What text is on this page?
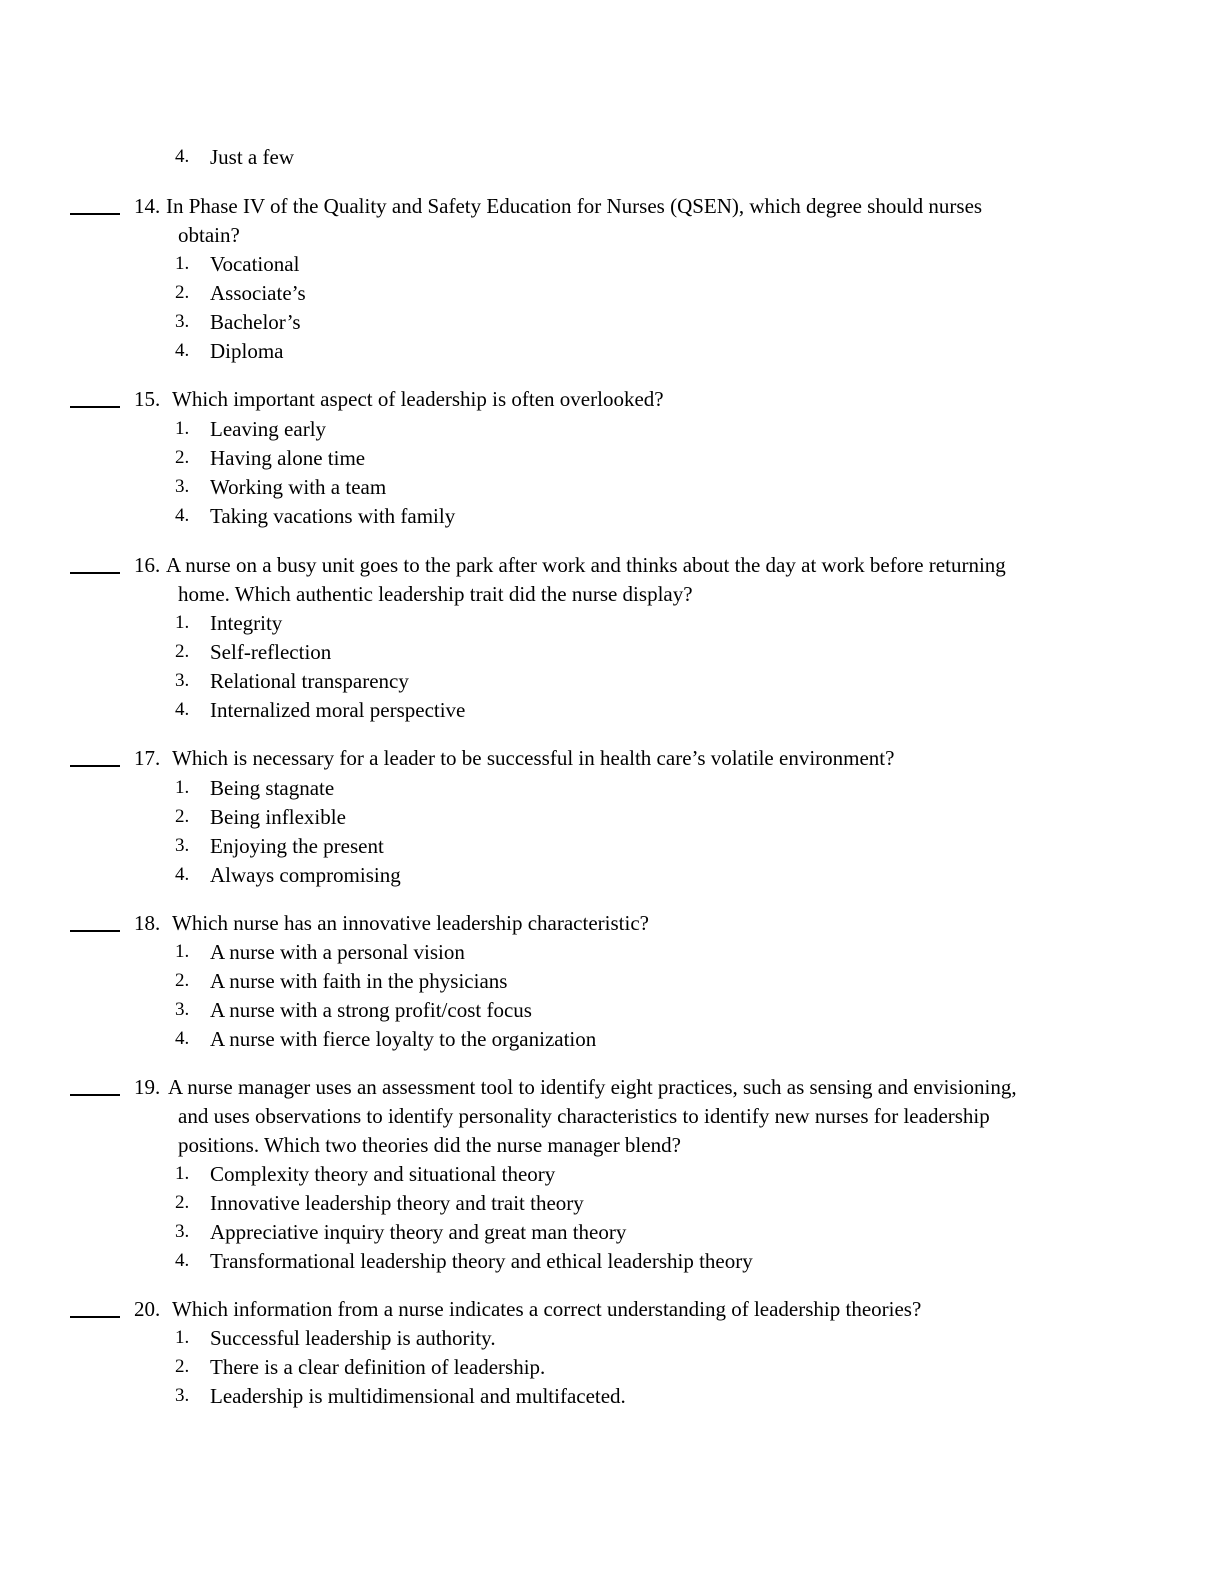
4. Just a few
14. In Phase IV of the Quality and Safety Education for Nurses (QSEN), which degree should nurses
obtain?
1. Vocational
2. Associate’s
3. Bachelor’s
4. Diploma
15. Which important aspect of leadership is often overlooked?
1. Leaving early
2. Having alone time
3. Working with a team
4. Taking vacations with family
16. A nurse on a busy unit goes to the park after work and thinks about the day at work before returning
home. Which authentic leadership trait did the nurse display?
1. Integrity
2. Self-reflection
3. Relational transparency
4. Internalized moral perspective
17. Which is necessary for a leader to be successful in health care’s volatile environment?
1. Being stagnate
2. Being inflexible
3. Enjoying the present
4. Always compromising
18. Which nurse has an innovative leadership characteristic?
1. A nurse with a personal vision
2. A nurse with faith in the physicians
3. A nurse with a strong profit/cost focus
4. A nurse with fierce loyalty to the organization
19. A nurse manager uses an assessment tool to identify eight practices, such as sensing and envisioning,
and uses observations to identify personality characteristics to identify new nurses for leadership
positions. Which two theories did the nurse manager blend?
1. Complexity theory and situational theory
2. Innovative leadership theory and trait theory
3. Appreciative inquiry theory and great man theory
4. Transformational leadership theory and ethical leadership theory
20. Which information from a nurse indicates a correct understanding of leadership theories?
1. Successful leadership is authority.
2. There is a clear definition of leadership.
3. Leadership is multidimensional and multifaceted.
